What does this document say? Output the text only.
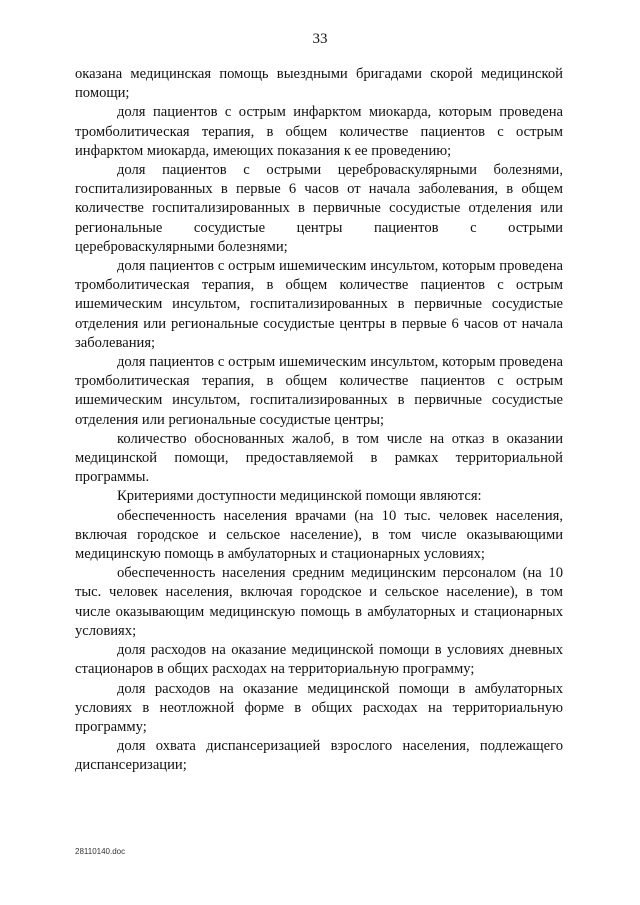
33

оказана медицинская помощь выездными бригадами скорой медицинской помощи;

доля пациентов с острым инфарктом миокарда, которым проведена тромболитическая терапия, в общем количестве пациентов с острым инфарктом миокарда, имеющих показания к ее проведению;

доля пациентов с острыми цереброваскулярными болезнями, госпитализированных в первые 6 часов от начала заболевания, в общем количестве госпитализированных в первичные сосудистые отделения или региональные сосудистые центры пациентов с острыми цереброваскулярными болезнями;

доля пациентов с острым ишемическим инсультом, которым проведена тромболитическая терапия, в общем количестве пациентов с острым ишемическим инсультом, госпитализированных в первичные сосудистые отделения или региональные сосудистые центры в первые 6 часов от начала заболевания;

доля пациентов с острым ишемическим инсультом, которым проведена тромболитическая терапия, в общем количестве пациентов с острым ишемическим инсультом, госпитализированных в первичные сосудистые отделения или региональные сосудистые центры;

количество обоснованных жалоб, в том числе на отказ в оказании медицинской помощи, предоставляемой в рамках территориальной программы.

Критериями доступности медицинской помощи являются:

обеспеченность населения врачами (на 10 тыс. человек населения, включая городское и сельское население), в том числе оказывающими медицинскую помощь в амбулаторных и стационарных условиях;

обеспеченность населения средним медицинским персоналом (на 10 тыс. человек населения, включая городское и сельское население), в том числе оказывающим медицинскую помощь в амбулаторных и стационарных условиях;

доля расходов на оказание медицинской помощи в условиях дневных стационаров в общих расходах на территориальную программу;

доля расходов на оказание медицинской помощи в амбулаторных условиях в неотложной форме в общих расходах на территориальную программу;

доля охвата диспансеризацией взрослого населения, подлежащего диспансеризации;

28110140.doc
